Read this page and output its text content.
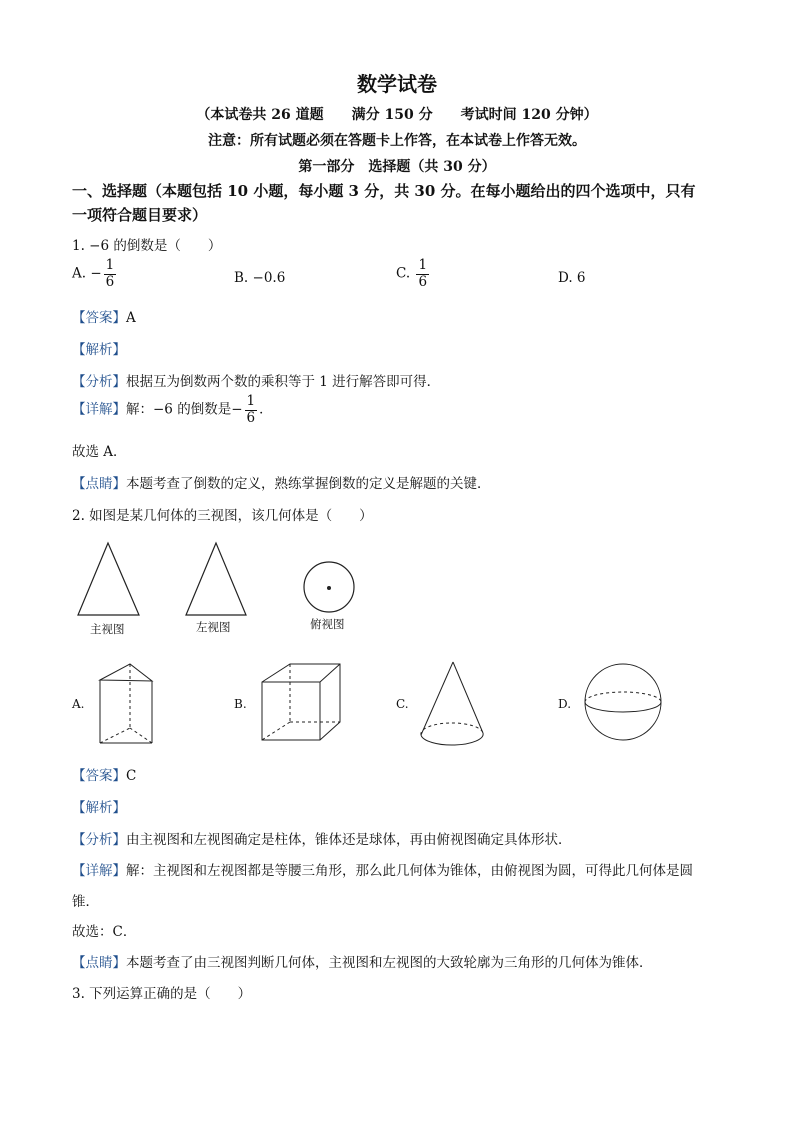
数学试卷
（本试卷共 26 道题　　满分 150 分　　考试时间 120 分钟）
注意：所有试题必须在答题卡上作答，在本试卷上作答无效。
第一部分　选择题（共 30 分）
一、选择题（本题包括 10 小题，每小题 3 分，共 30 分。在每小题给出的四个选项中，只有
一项符合题目要求）
1. −6 的倒数是（　　）
A. − $\frac{1}{6}$	B. −0.6	C. $\frac{1}{6}$	D. 6
【答案】A
【解析】
【分析】根据互为倒数两个数的乘积等于 1 进行解答即可得．
【详解】解：−6 的倒数是− $\frac{1}{6}$ ．
故选 A．
【点睛】本题考查了倒数的定义，熟练掌握倒数的定义是解题的关键．
2. 如图是某几何体的三视图，该几何体是（　　）
主视图	左视图	俯视图
A.	B.	C.	D.
【答案】C
【解析】
【分析】由主视图和左视图确定是柱体，锥体还是球体，再由俯视图确定具体形状．
【详解】解：主视图和左视图都是等腰三角形，那么此几何体为锥体，由俯视图为圆，可得此几何体是圆
锥．
故选：C．
【点睛】本题考查了由三视图判断几何体，主视图和左视图的大致轮廓为三角形的几何体为锥体．
3. 下列运算正确的是（　　）
